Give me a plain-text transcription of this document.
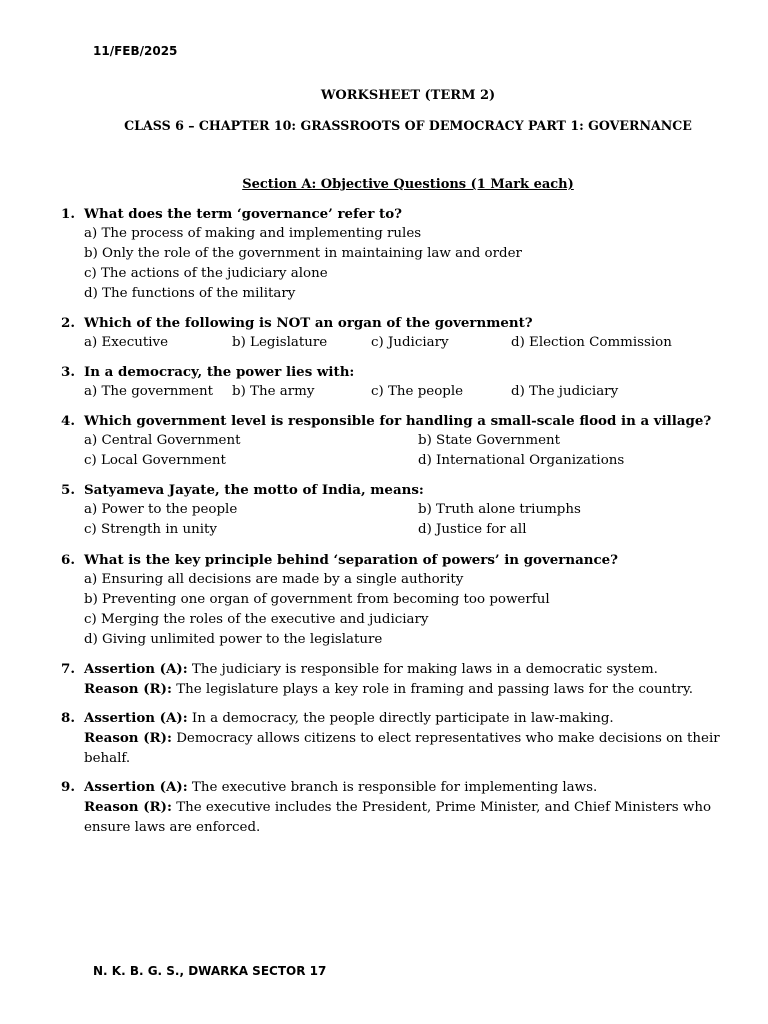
11/FEB/2025
WORKSHEET (TERM 2)
CLASS 6 – CHAPTER 10: GRASSROOTS OF DEMOCRACY PART 1: GOVERNANCE
Section A: Objective Questions (1 Mark each)
1. What does the term ‘governance’ refer to?
a) The process of making and implementing rules
b) Only the role of the government in maintaining law and order
c) The actions of the judiciary alone
d) The functions of the military
2. Which of the following is NOT an organ of the government?
a) Executive	b) Legislature	c) Judiciary	d) Election Commission
3. In a democracy, the power lies with:
a) The government b) The army	c) The people	d) The judiciary
4. Which government level is responsible for handling a small-scale flood in a village?
a) Central Government	b) State Government
c) Local Government	d) International Organizations
5. Satyameva Jayate, the motto of India, means:
a) Power to the people	b) Truth alone triumphs
c) Strength in unity	d) Justice for all
6. What is the key principle behind ‘separation of powers’ in governance?
a) Ensuring all decisions are made by a single authority
b) Preventing one organ of government from becoming too powerful
c) Merging the roles of the executive and judiciary
d) Giving unlimited power to the legislature
7. Assertion (A): The judiciary is responsible for making laws in a democratic system.
Reason (R): The legislature plays a key role in framing and passing laws for the country.
8. Assertion (A): In a democracy, the people directly participate in law-making.
Reason (R): Democracy allows citizens to elect representatives who make decisions on their behalf.
9. Assertion (A): The executive branch is responsible for implementing laws.
Reason (R): The executive includes the President, Prime Minister, and Chief Ministers who ensure laws are enforced.
N. K. B. G. S., DWARKA SECTOR 17
